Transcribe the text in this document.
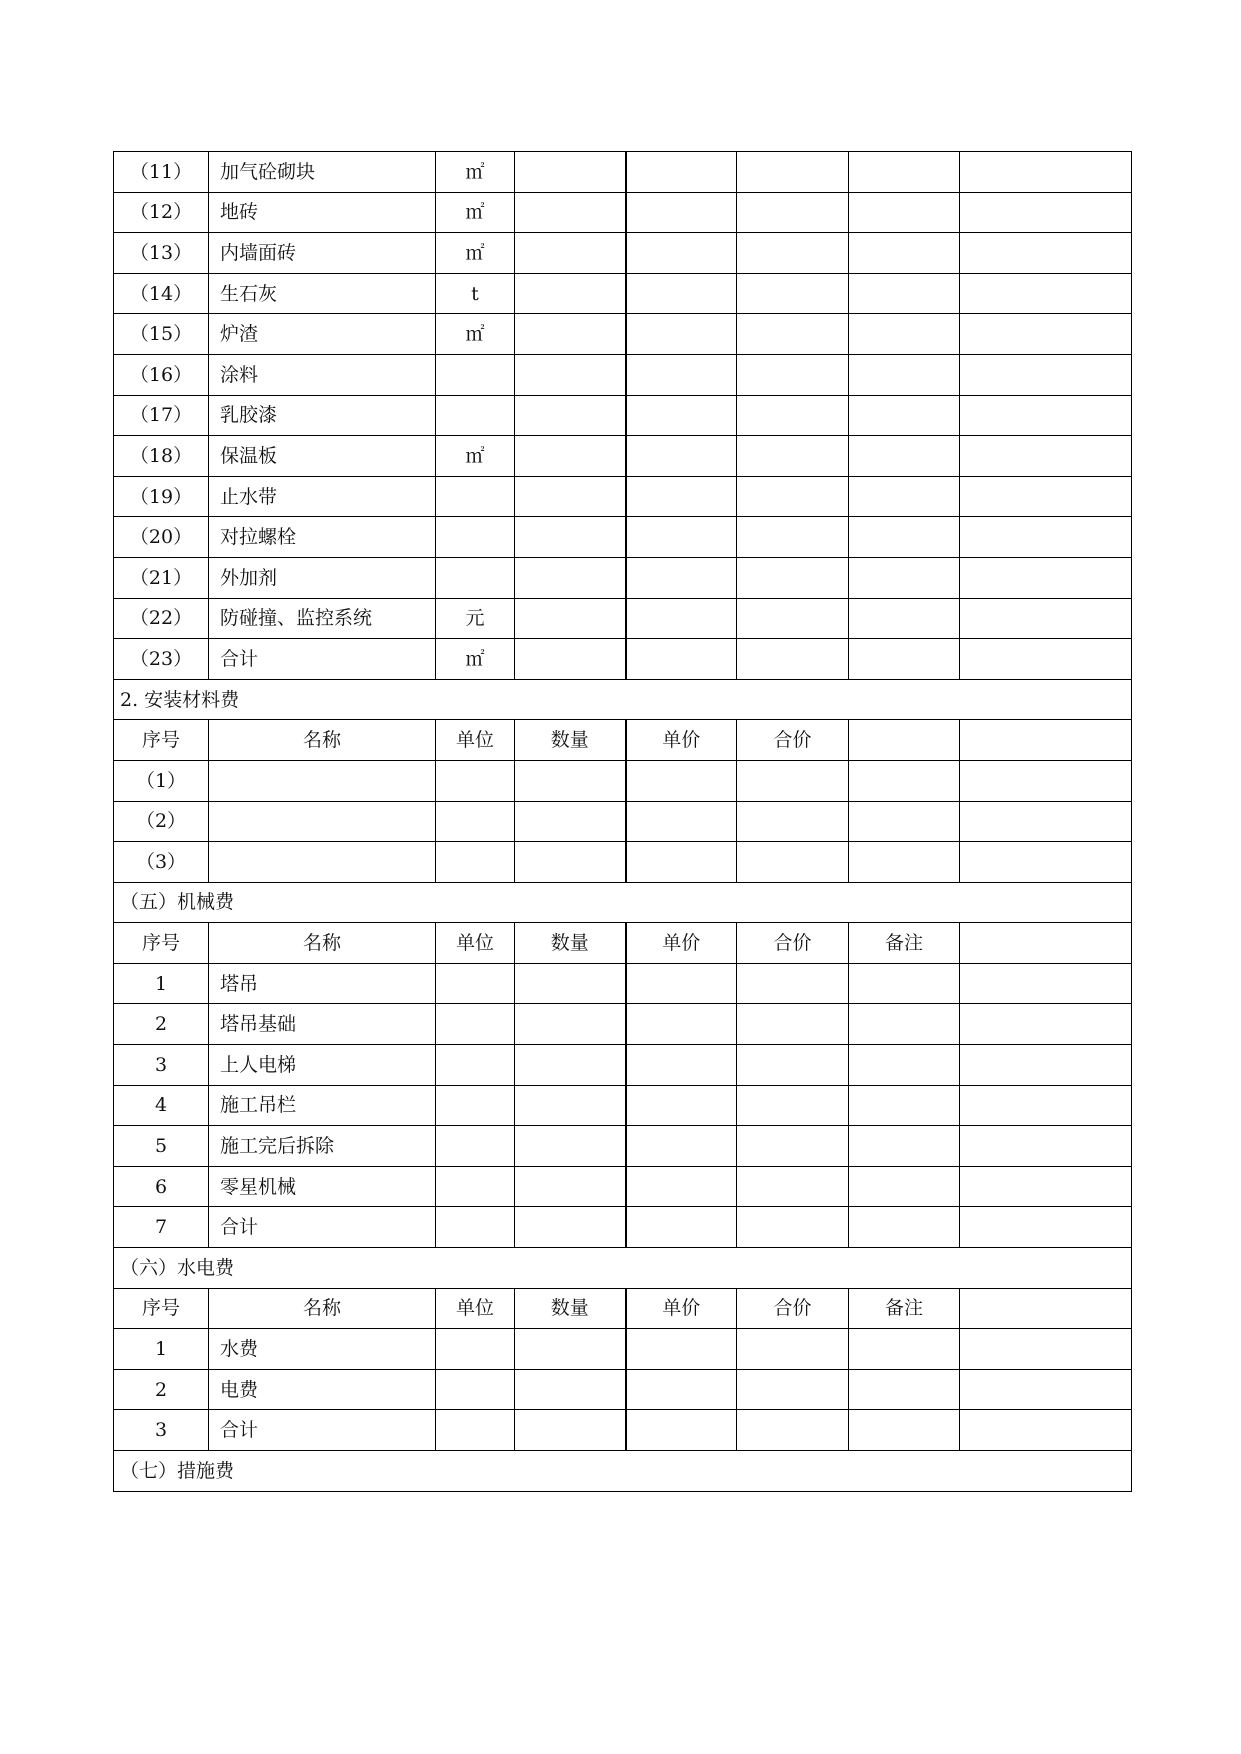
（11）	加气砼砌块	㎡					
（12）	地砖	㎡					
（13）	内墙面砖	㎡					
（14）	生石灰	t					
（15）	炉渣	㎡					
（16）	涂料						
（17）	乳胶漆						
（18）	保温板	㎡					
（19）	止水带						
（20）	对拉螺栓						
（21）	外加剂						
（22）	防碰撞、监控系统	元					
（23）	合计	㎡					
2. 安装材料费							
序号	名称	单位	数量	单价	合价		
（1）							
（2）							
（3）							
（五）机械费							
序号	名称	单位	数量	单价	合价	备注	
1	塔吊						
2	塔吊基础						
3	上人电梯						
4	施工吊栏						
5	施工完后拆除						
6	零星机械						
7	合计						
（六）水电费							
序号	名称	单位	数量	单价	合价	备注	
1	水费						
2	电费						
3	合计						
（七）措施费							
